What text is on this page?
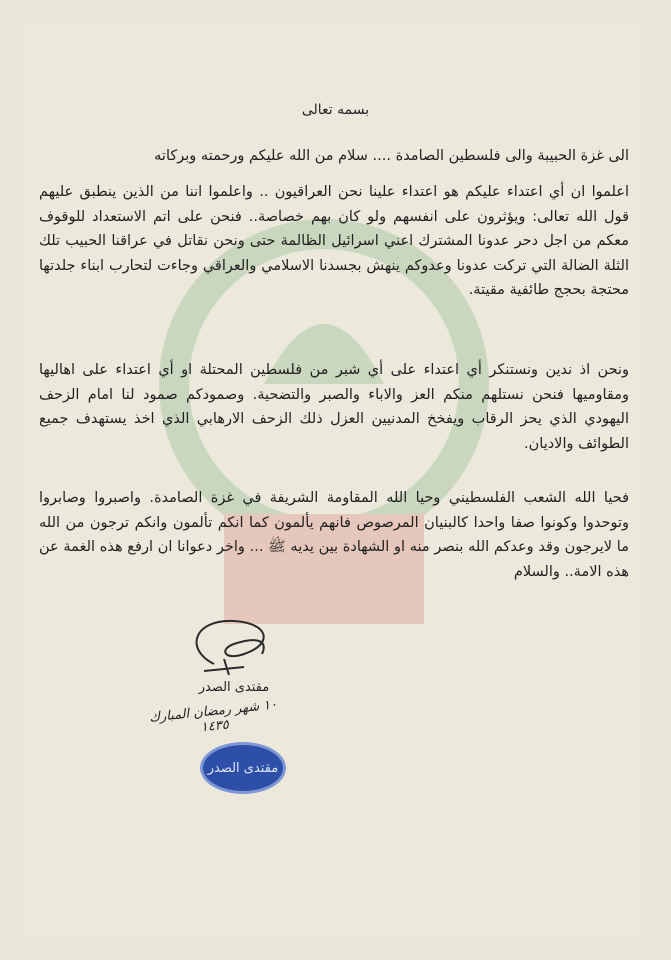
بسمه تعالى
الى غزة الحبيبة والى فلسطين الصامدة .... سلام من الله عليكم ورحمته وبركاته
اعلموا ان أي اعتداء عليكم هو اعتداء علينا نحن العراقيون .. واعلموا اننا من الذين ينطبق عليهم قول الله تعالى: ويؤثرون على انفسهم ولو كان بهم خصاصة.. فنحن على اتم الاستعداد للوقوف معكم من اجل دحر عدونا المشترك اعني اسرائيل الظالمة حتى ونحن نقاتل في عراقنا الحبيب تلك الثلة الضالة التي تركت عدونا وعدوكم ينهش بجسدنا الاسلامي والعراقي وجاءت لتحارب ابناء جلدتها محتجة بحجج طائفية مقيتة.
ونحن اذ ندين ونستنكر أي اعتداء على أي شبر من فلسطين المحتلة او أي اعتداء على اهاليها ومقاوميها فنحن نستلهم منكم العز والاباء والصبر والتضحية. وصمودكم صمود لنا امام الزحف اليهودي الذي يحز الرقاب ويفخخ المدنيين العزل ذلك الزحف الارهابي الذي اخذ يستهدف جميع الطوائف والاديان.
فحيا الله الشعب الفلسطيني وحيا الله المقاومة الشريفة في غزة الصامدة. واصبروا وصابروا وتوحدوا وكونوا صفا واحدا كالبنيان المرصوص فانهم يألمون كما انكم تألمون وانكم ترجون من الله ما لايرجون وقد وعدكم الله بنصر منه او الشهادة بين يديه ﷺ ... واخر دعوانا ان ارفع هذه الغمة عن هذه الامة.. والسلام
مقتدى الصدر
١٠ شهر رمضان المبارك ١٤٣٥
مقتدى الصدر
